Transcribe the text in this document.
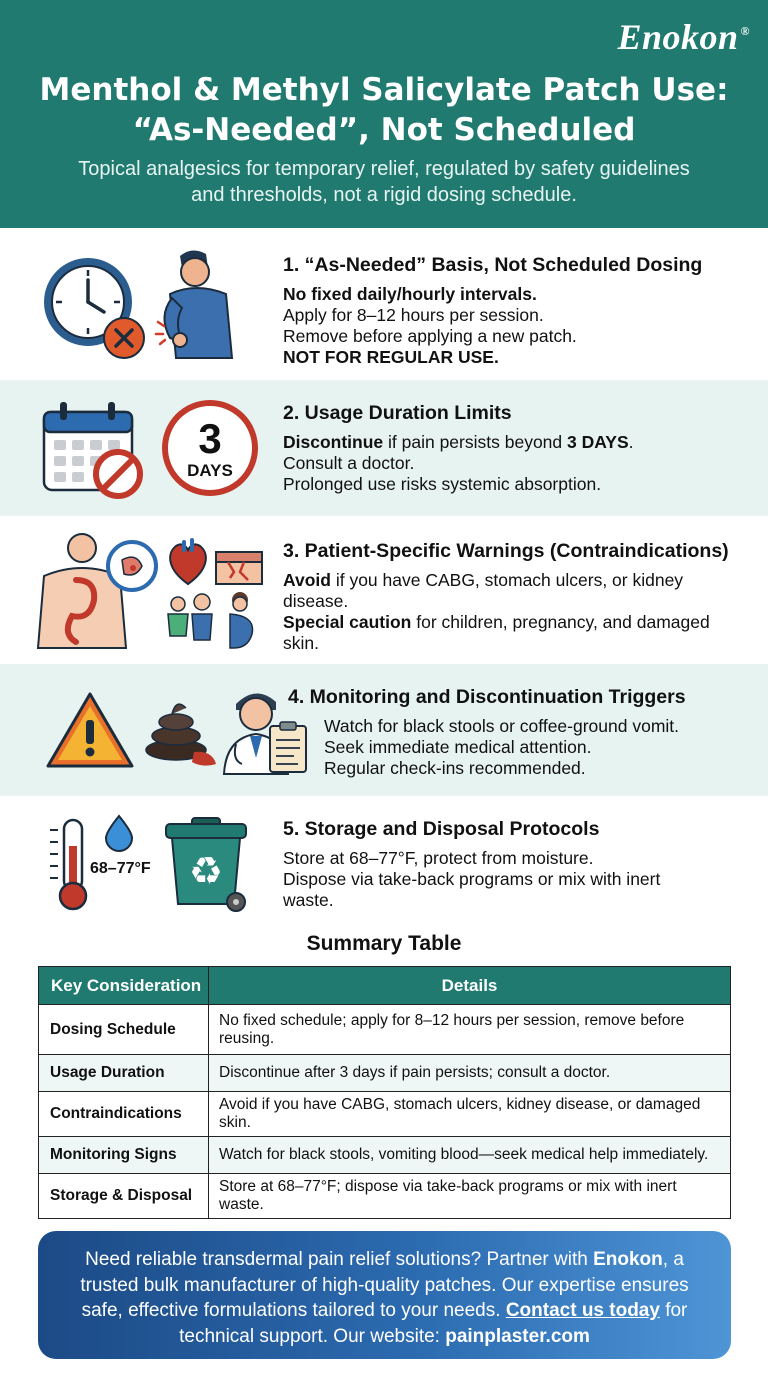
Enokon ®
Menthol & Methyl Salicylate Patch Use:
“As-Needed”, Not Scheduled
Topical analgesics for temporary relief, regulated by safety guidelines and thresholds, not a rigid dosing schedule.
1. “As-Needed” Basis, Not Scheduled Dosing
No fixed daily/hourly intervals.
Apply for 8–12 hours per session.
Remove before applying a new patch.
NOT FOR REGULAR USE.
3
DAYS
2. Usage Duration Limits
Discontinue if pain persists beyond 3 DAYS.
Consult a doctor.
Prolonged use risks systemic absorption.
3. Patient-Specific Warnings (Contraindications)
Avoid if you have CABG, stomach ulcers, or kidney
disease.
Special caution for children, pregnancy, and damaged
skin.
4. Monitoring and Discontinuation Triggers
Watch for black stools or coffee-ground vomit.
Seek immediate medical attention.
Regular check-ins recommended.
68–77°F ♻
5. Storage and Disposal Protocols
Store at 68–77°F, protect from moisture.
Dispose via take-back programs or mix with inert
waste.
Summary Table
Key Consideration	Details
Dosing Schedule	No fixed schedule; apply for 8–12 hours per session, remove before reusing.
Usage Duration	Discontinue after 3 days if pain persists; consult a doctor.
Contraindications	Avoid if you have CABG, stomach ulcers, kidney disease, or damaged skin.
Monitoring Signs	Watch for black stools, vomiting blood—seek medical help immediately.
Storage & Disposal	Store at 68–77°F; dispose via take-back programs or mix with inert waste.
Need reliable transdermal pain relief solutions? Partner with Enokon, a trusted bulk manufacturer of high-quality patches. Our expertise ensures safe, effective formulations tailored to your needs. Contact us today for technical support. Our website: painplaster.com
